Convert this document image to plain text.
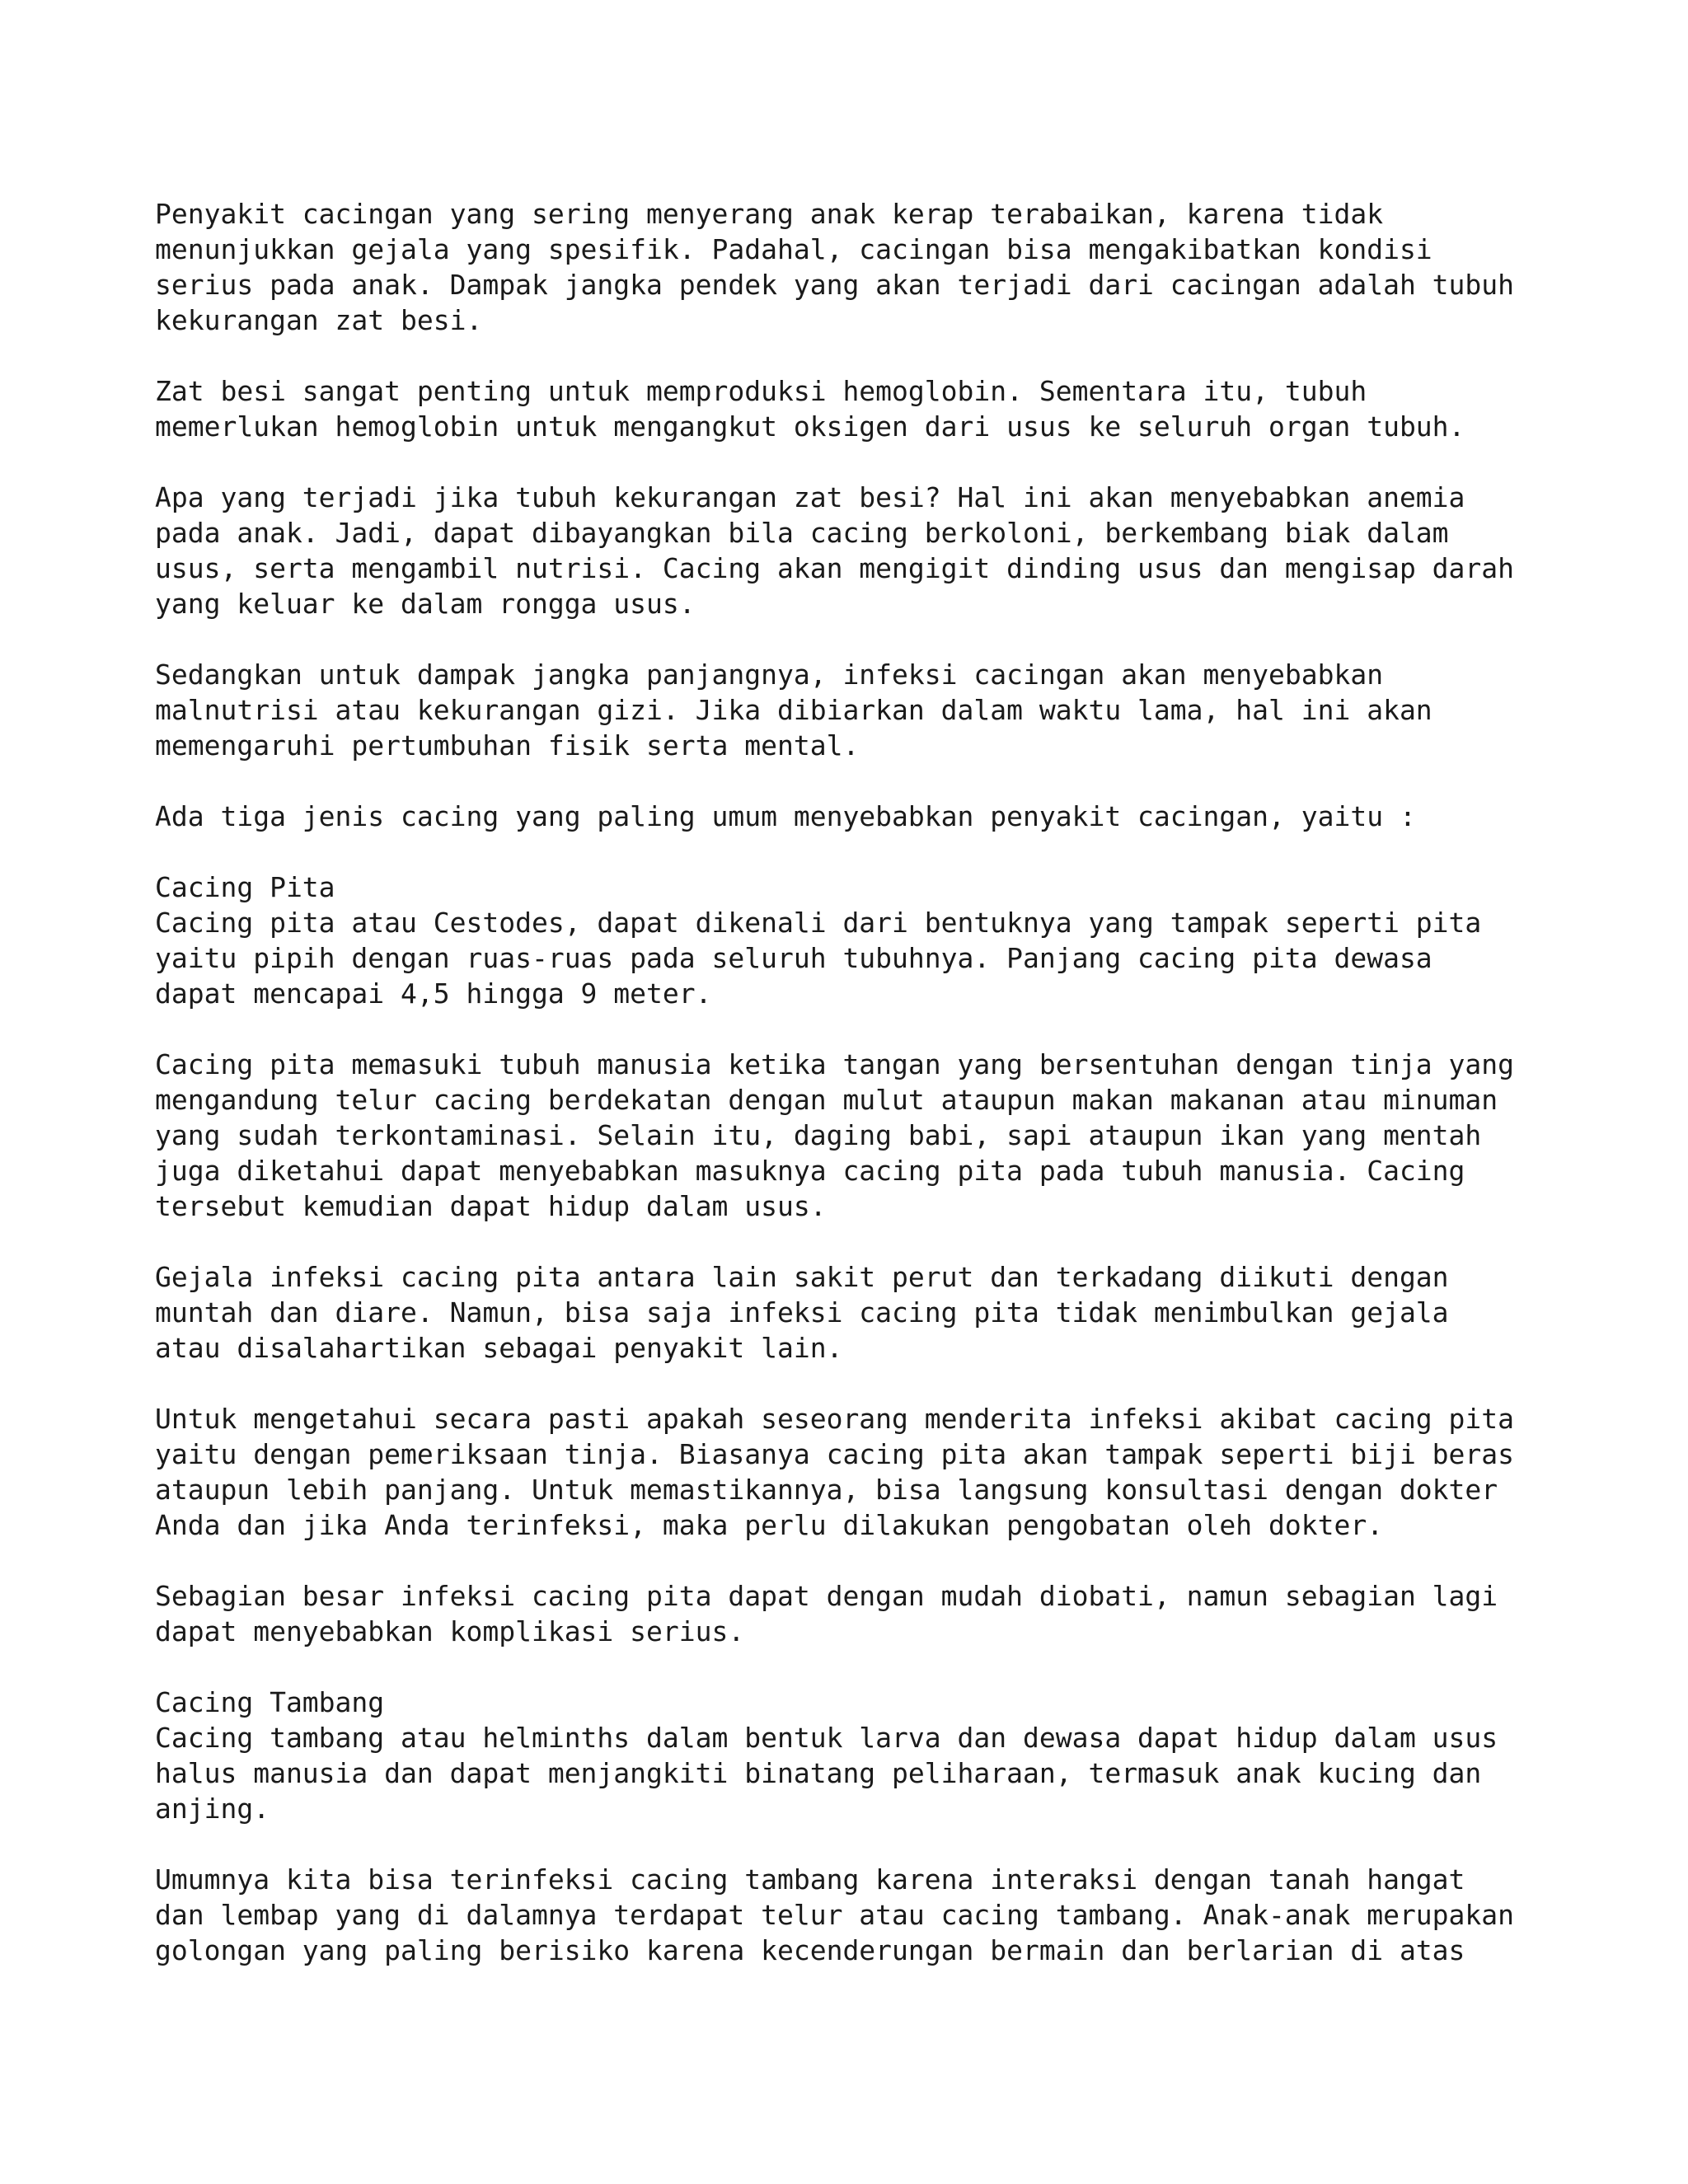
Penyakit cacingan yang sering menyerang anak kerap terabaikan, karena tidak
menunjukkan gejala yang spesifik. Padahal, cacingan bisa mengakibatkan kondisi
serius pada anak. Dampak jangka pendek yang akan terjadi dari cacingan adalah tubuh
kekurangan zat besi.

Zat besi sangat penting untuk memproduksi hemoglobin. Sementara itu, tubuh
memerlukan hemoglobin untuk mengangkut oksigen dari usus ke seluruh organ tubuh.

Apa yang terjadi jika tubuh kekurangan zat besi? Hal ini akan menyebabkan anemia
pada anak. Jadi, dapat dibayangkan bila cacing berkoloni, berkembang biak dalam
usus, serta mengambil nutrisi. Cacing akan mengigit dinding usus dan mengisap darah
yang keluar ke dalam rongga usus.

Sedangkan untuk dampak jangka panjangnya, infeksi cacingan akan menyebabkan
malnutrisi atau kekurangan gizi. Jika dibiarkan dalam waktu lama, hal ini akan
memengaruhi pertumbuhan fisik serta mental.

Ada tiga jenis cacing yang paling umum menyebabkan penyakit cacingan, yaitu :

Cacing Pita
Cacing pita atau Cestodes, dapat dikenali dari bentuknya yang tampak seperti pita
yaitu pipih dengan ruas-ruas pada seluruh tubuhnya. Panjang cacing pita dewasa
dapat mencapai 4,5 hingga 9 meter.

Cacing pita memasuki tubuh manusia ketika tangan yang bersentuhan dengan tinja yang
mengandung telur cacing berdekatan dengan mulut ataupun makan makanan atau minuman
yang sudah terkontaminasi. Selain itu, daging babi, sapi ataupun ikan yang mentah
juga diketahui dapat menyebabkan masuknya cacing pita pada tubuh manusia. Cacing
tersebut kemudian dapat hidup dalam usus.

Gejala infeksi cacing pita antara lain sakit perut dan terkadang diikuti dengan
muntah dan diare. Namun, bisa saja infeksi cacing pita tidak menimbulkan gejala
atau disalahartikan sebagai penyakit lain.

Untuk mengetahui secara pasti apakah seseorang menderita infeksi akibat cacing pita
yaitu dengan pemeriksaan tinja. Biasanya cacing pita akan tampak seperti biji beras
ataupun lebih panjang. Untuk memastikannya, bisa langsung konsultasi dengan dokter
Anda dan jika Anda terinfeksi, maka perlu dilakukan pengobatan oleh dokter.

Sebagian besar infeksi cacing pita dapat dengan mudah diobati, namun sebagian lagi
dapat menyebabkan komplikasi serius.

Cacing Tambang
Cacing tambang atau helminths dalam bentuk larva dan dewasa dapat hidup dalam usus
halus manusia dan dapat menjangkiti binatang peliharaan, termasuk anak kucing dan
anjing.

Umumnya kita bisa terinfeksi cacing tambang karena interaksi dengan tanah hangat
dan lembap yang di dalamnya terdapat telur atau cacing tambang. Anak-anak merupakan
golongan yang paling berisiko karena kecenderungan bermain dan berlarian di atas
